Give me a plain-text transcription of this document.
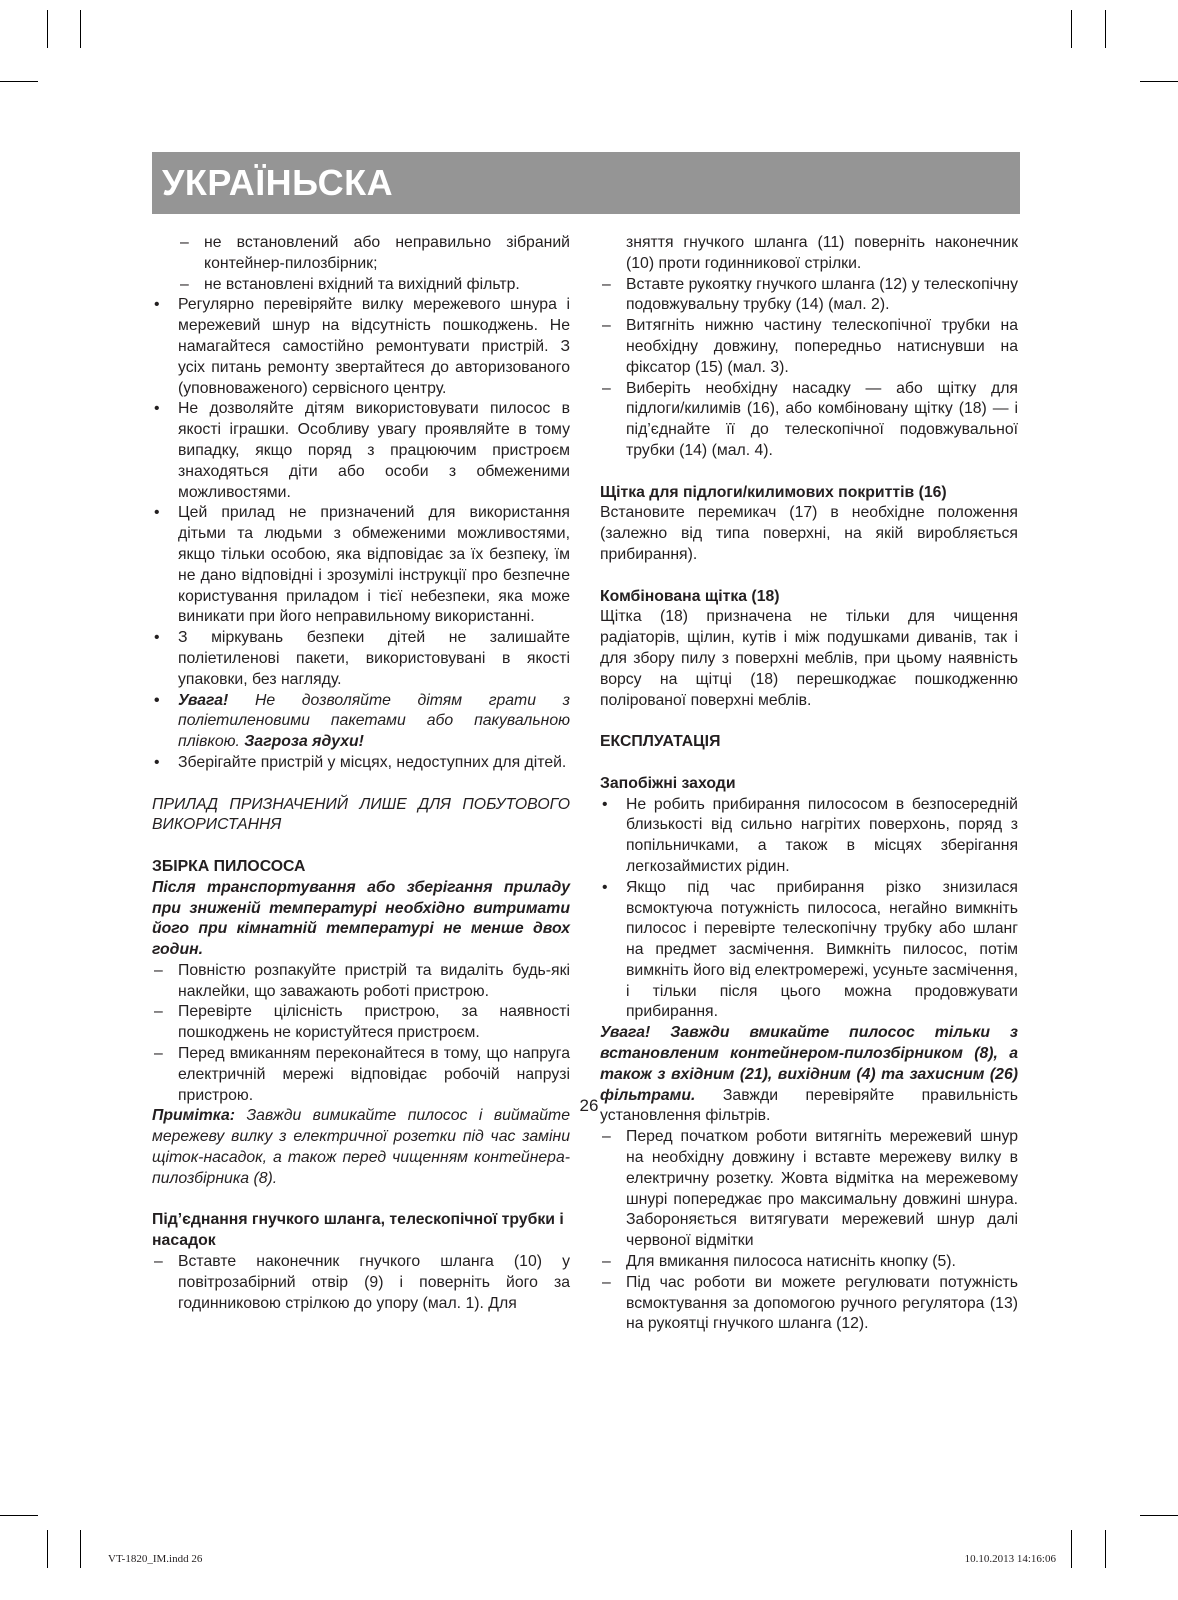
УКРАЇНЬСКА
– не встановлений або неправильно зібраний контейнер-пилозбірник;
– не встановлені вхідний та вихідний фільтр.
• Регулярно перевіряйте вилку мережевого шнура і мережевий шнур на відсутність пошкоджень. Не намагайтеся самостійно ремонтувати пристрій. З усіх питань ремонту звертайтеся до авторизованого (уповноваженого) сервісного центру.
• Не дозволяйте дітям використовувати пилосос в якості іграшки. Особливу увагу проявляйте в тому випадку, якщо поряд з працюючим пристроєм знаходяться діти або особи з обмеженими можливостями.
• Цей прилад не призначений для використання дітьми та людьми з обмеженими можливостями, якщо тільки особою, яка відповідає за їх безпеку, їм не дано відповідні і зрозумілі інструкції про безпечне користування приладом і тієї небезпеки, яка може виникати при його неправильному використанні.
• З міркувань безпеки дітей не залишайте поліетиленові пакети, використовувані в якості упаковки, без нагляду.
• Увага! Не дозволяйте дітям грати з поліетиленовими пакетами або пакувальною плівкою. Загроза ядухи!
• Зберігайте пристрій у місцях, недоступних для дітей.

ПРИЛАД ПРИЗНАЧЕНИЙ ЛИШЕ ДЛЯ ПОБУТОВОГО ВИКОРИСТАННЯ

ЗБІРКА ПИЛОСОСА

Після транспортування або зберігання приладу при зниженій температурі необхідно витримати його при кімнатній температурі не менше двох годин.

– Повністю розпакуйте пристрій та видаліть будь-які наклейки, що заважають роботі пристрою.
– Перевірте цілісність пристрою, за наявності пошкоджень не користуйтеся пристроєм.
– Перед вмиканням переконайтеся в тому, що напруга електричній мережі відповідає робочій напрузі пристрою.

Примітка: Завжди вимикайте пилосос і виймайте мережеву вилку з електричної розетки під час заміни щіток-насадок, а також перед чищенням контейнера-пилозбірника (8).

Під’єднання гнучкого шланга, телескопічної трубки і насадок

– Вставте наконечник гнучкого шланга (10) у повітрозабірний отвір (9) і поверніть його за годинниковою стрілкою до упору (мал. 1). Для

зняття гнучкого шланга (11) поверніть наконечник (10) проти годинникової стрілки.

– Вставте рукоятку гнучкого шланга (12) у телескопічну подовжувальну трубку (14) (мал. 2).
– Витягніть нижню частину телескопічної трубки на необхідну довжину, попередньо натиснувши на фіксатор (15) (мал. 3).
– Виберіть необхідну насадку — або щітку для підлоги/килимів (16), або комбіновану щітку (18) — і під’єднайте її до телескопічної подовжувальної трубки (14) (мал. 4).

Щітка для підлоги/килимових покриттів (16)

Встановите перемикач (17) в необхідне положення (залежно від типа поверхні, на якій виробляється прибирання).

Комбінована щітка (18)

Щітка (18) призначена не тільки для чищення радіаторів, щілин, кутів і між подушками диванів, так і для збору пилу з поверхні меблів, при цьому наявність ворсу на щітці (18) перешкоджає пошкодженню полірованої поверхні меблів.

ЕКСПЛУАТАЦІЯ

Запобіжні заходи

• Не робить прибирання пилососом в безпосередній близькості від сильно нагрітих поверхонь, поряд з попільничками, а також в місцях зберігання легкозаймистих рідин.
• Якщо під час прибирання різко знизилася всмоктуюча потужність пилососа, негайно вимкніть пилосос і перевірте телескопічну трубку або шланг на предмет засмічення. Вимкніть пилосос, потім вимкніть його від електромережі, усуньте засмічення, і тільки після цього можна продовжувати прибирання.

Увага! Завжди вмикайте пилосос тільки з встановленим контейнером-пилозбірником (8), а також з вхідним (21), вихідним (4) та захисним (26) фільтрами. Завжди перевіряйте правильність установлення фільтрів.

– Перед початком роботи витягніть мережевий шнур на необхідну довжину і вставте мережеву вилку в електричну розетку. Жовта відмітка на мережевому шнурі попереджає про максимальну довжині шнура. Забороняється витягувати мережевий шнур далі червоної відмітки
– Для вмикання пилососа натисніть кнопку (5).
– Під час роботи ви можете регулювати потужність всмоктування за допомогою ручного регулятора (13) на рукоятці гнучкого шланга (12).
26
VT-1820_IM.indd 26	10.10.2013 14:16:06
